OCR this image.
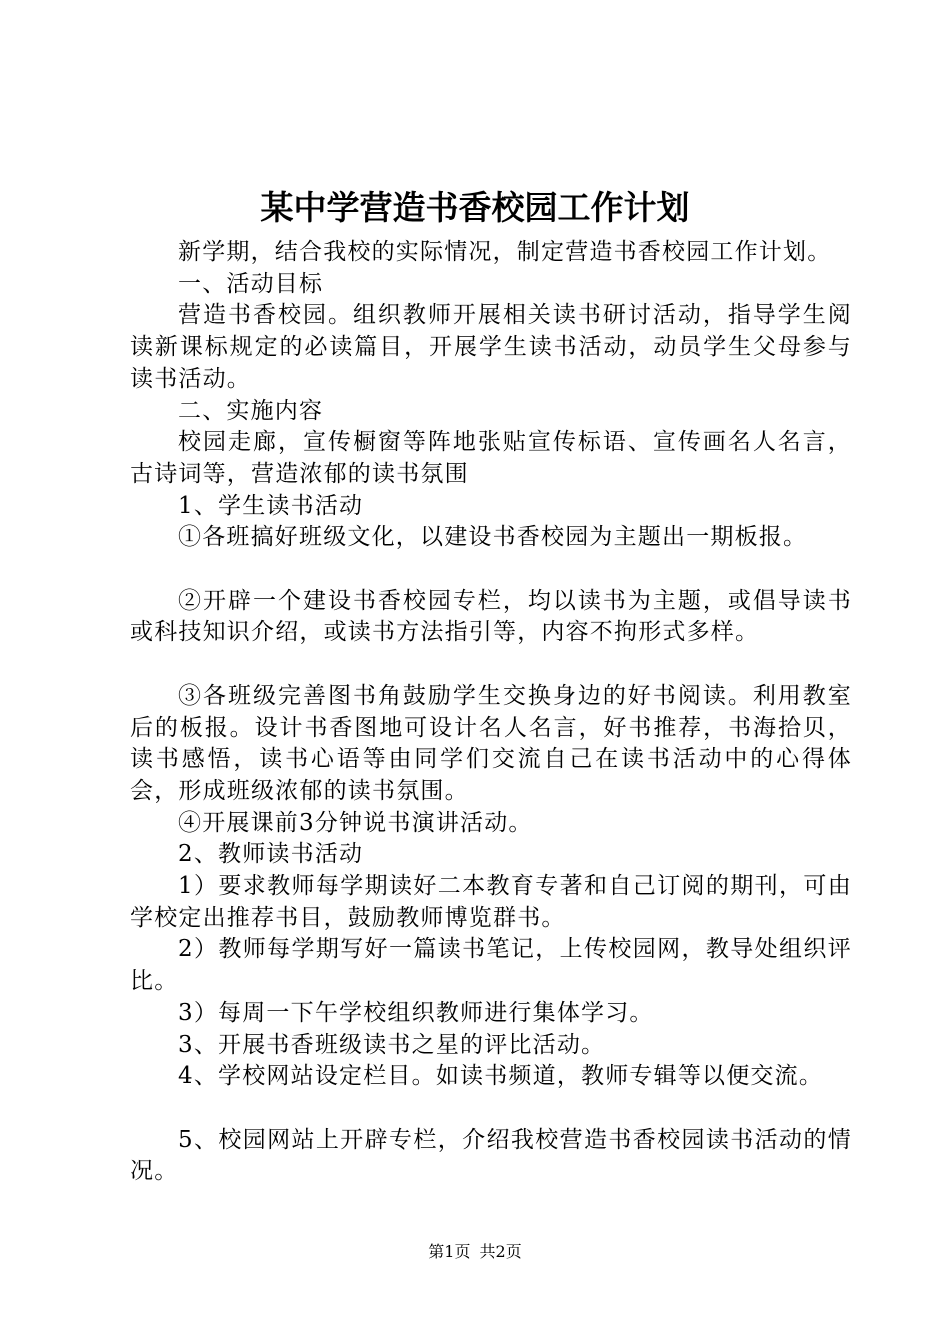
某中学营造书香校园工作计划

新学期，结合我校的实际情况，制定营造书香校园工作计划。

一、活动目标

营造书香校园。组织教师开展相关读书研讨活动，指导学生阅读新课标规定的必读篇目，开展学生读书活动，动员学生父母参与读书活动。

二、实施内容

校园走廊，宣传橱窗等阵地张贴宣传标语、宣传画名人名言，古诗词等，营造浓郁的读书氛围

1、学生读书活动

①各班搞好班级文化，以建设书香校园为主题出一期板报。

②开辟一个建设书香校园专栏，均以读书为主题，或倡导读书或科技知识介绍，或读书方法指引等，内容不拘形式多样。

③各班级完善图书角鼓励学生交换身边的好书阅读。利用教室后的板报。设计书香图地可设计名人名言，好书推荐，书海拾贝，读书感悟，读书心语等由同学们交流自己在读书活动中的心得体会，形成班级浓郁的读书氛围。

④开展课前3分钟说书演讲活动。

2、教师读书活动

1）要求教师每学期读好二本教育专著和自己订阅的期刊，可由学校定出推荐书目，鼓励教师博览群书。

2）教师每学期写好一篇读书笔记，上传校园网，教导处组织评比。

3）每周一下午学校组织教师进行集体学习。

3、开展书香班级读书之星的评比活动。

4、学校网站设定栏目。如读书频道，教师专辑等以便交流。

5、校园网站上开辟专栏，介绍我校营造书香校园读书活动的情况。

第1页 共2页
